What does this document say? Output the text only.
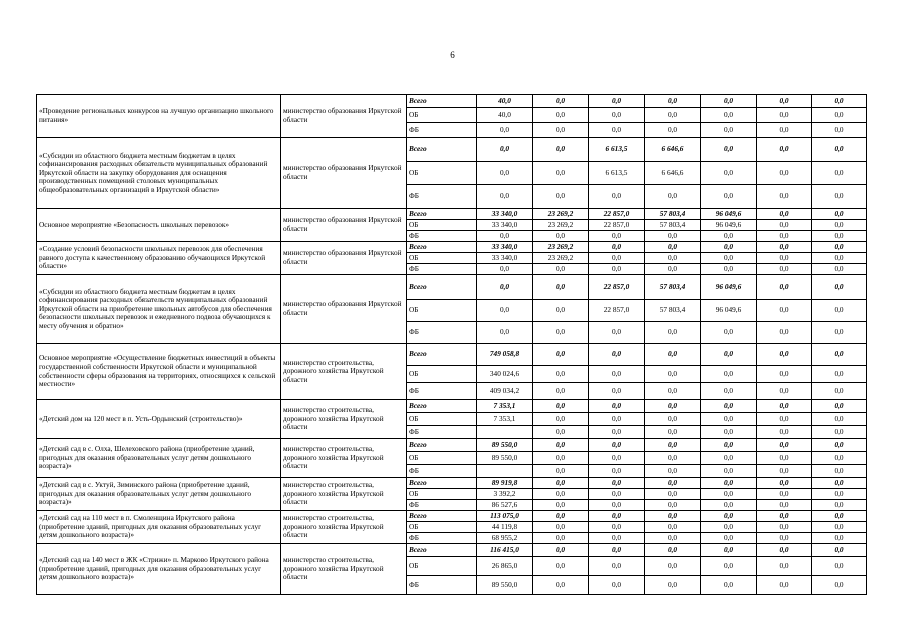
6
«Проведение региональных конкурсов на лучшую организацию школьного питания»	министерство образования Иркутской области	Всего	40,0	0,0	0,0	0,0	0,0	0,0	0,0
		ОБ	40,0	0,0	0,0	0,0	0,0	0,0	0,0
		ФБ	0,0	0,0	0,0	0,0	0,0	0,0	0,0
«Субсидии из областного бюджета местным бюджетам в целях софинансирования расходных обязательств муниципальных образований Иркутской области на закупку оборудования для оснащения производственных помещений столовых муниципальных общеобразовательных организаций в Иркутской области»	министерство образования Иркутской области	Всего	0,0	0,0	6 613,5	6 646,6	0,0	0,0	0,0
		ОБ	0,0	0,0	6 613,5	6 646,6	0,0	0,0	0,0
		ФБ	0,0	0,0	0,0	0,0	0,0	0,0	0,0
Основное мероприятие «Безопасность школьных перевозок»	министерство образования Иркутской области	Всего	33 340,0	23 269,2	22 857,0	57 803,4	96 049,6	0,0	0,0
		ОБ	33 340,0	23 269,2	22 857,0	57 803,4	96 049,6	0,0	0,0
		ФБ	0,0	0,0	0,0	0,0	0,0	0,0	0,0
«Создание условий безопасности школьных перевозок для обеспечения равного доступа к качественному образованию обучающихся Иркутской области»	министерство образования Иркутской области	Всего	33 340,0	23 269,2	0,0	0,0	0,0	0,0	0,0
		ОБ	33 340,0	23 269,2	0,0	0,0	0,0	0,0	0,0
		ФБ	0,0	0,0	0,0	0,0	0,0	0,0	0,0
«Субсидии из областного бюджета местным бюджетам в целях софинансирования расходных обязательств муниципальных образований Иркутской области на приобретение школьных автобусов для обеспечения безопасности школьных перевозок и ежедневного подвоза обучающихся к месту обучения и обратно»	министерство образования Иркутской области	Всего	0,0	0,0	22 857,0	57 803,4	96 049,6	0,0	0,0
		ОБ	0,0	0,0	22 857,0	57 803,4	96 049,6	0,0	0,0
		ФБ	0,0	0,0	0,0	0,0	0,0	0,0	0,0
Основное мероприятие «Осуществление бюджетных инвестиций в объекты государственной собственности Иркутской области и муниципальной собственности сферы образования на территориях, относящихся к сельской местности»	министерство строительства, дорожного хозяйства Иркутской области	Всего	749 058,8	0,0	0,0	0,0	0,0	0,0	0,0
		ОБ	340 024,6	0,0	0,0	0,0	0,0	0,0	0,0
		ФБ	409 034,2	0,0	0,0	0,0	0,0	0,0	0,0
«Детский дом на 120 мест в п. Усть-Ордынский (строительство)»	министерство строительства, дорожного хозяйства Иркутской области	Всего	7 353,1	0,0	0,0	0,0	0,0	0,0	0,0
		ОБ	7 353,1	0,0	0,0	0,0	0,0	0,0	0,0
		ФБ		0,0	0,0	0,0	0,0	0,0	0,0
«Детский сад в с. Олха, Шелеховского района (приобретение зданий, пригодных для оказания образовательных услуг детям дошкольного возраста)»	министерство строительства, дорожного хозяйства Иркутской области	Всего	89 550,0	0,0	0,0	0,0	0,0	0,0	0,0
		ОБ	89 550,0	0,0	0,0	0,0	0,0	0,0	0,0
		ФБ		0,0	0,0	0,0	0,0	0,0	0,0
«Детский сад в с. Уктуй, Зиминского района (приобретение зданий, пригодных для оказания образовательных услуг детям дошкольного возраста)»	министерство строительства, дорожного хозяйства Иркутской области	Всего	89 919,8	0,0	0,0	0,0	0,0	0,0	0,0
		ОБ	3 392,2	0,0	0,0	0,0	0,0	0,0	0,0
		ФБ	86 527,6	0,0	0,0	0,0	0,0	0,0	0,0
«Детский сад на 110 мест в п. Смоленщина Иркутского района (приобретение зданий, пригодных для оказания образовательных услуг детям дошкольного возраста)»	министерство строительства, дорожного хозяйства Иркутской области	Всего	113 075,0	0,0	0,0	0,0	0,0	0,0	0,0
		ОБ	44 119,8	0,0	0,0	0,0	0,0	0,0	0,0
		ФБ	68 955,2	0,0	0,0	0,0	0,0	0,0	0,0
«Детский сад на 140 мест в ЖК «Стрижи» п. Марково Иркутского района (приобретение зданий, пригодных для оказания образовательных услуг детям дошкольного возраста)»	министерство строительства, дорожного хозяйства Иркутской области	Всего	116 415,0	0,0	0,0	0,0	0,0	0,0	0,0
		ОБ	26 865,0	0,0	0,0	0,0	0,0	0,0	0,0
		ФБ	89 550,0	0,0	0,0	0,0	0,0	0,0	0,0
